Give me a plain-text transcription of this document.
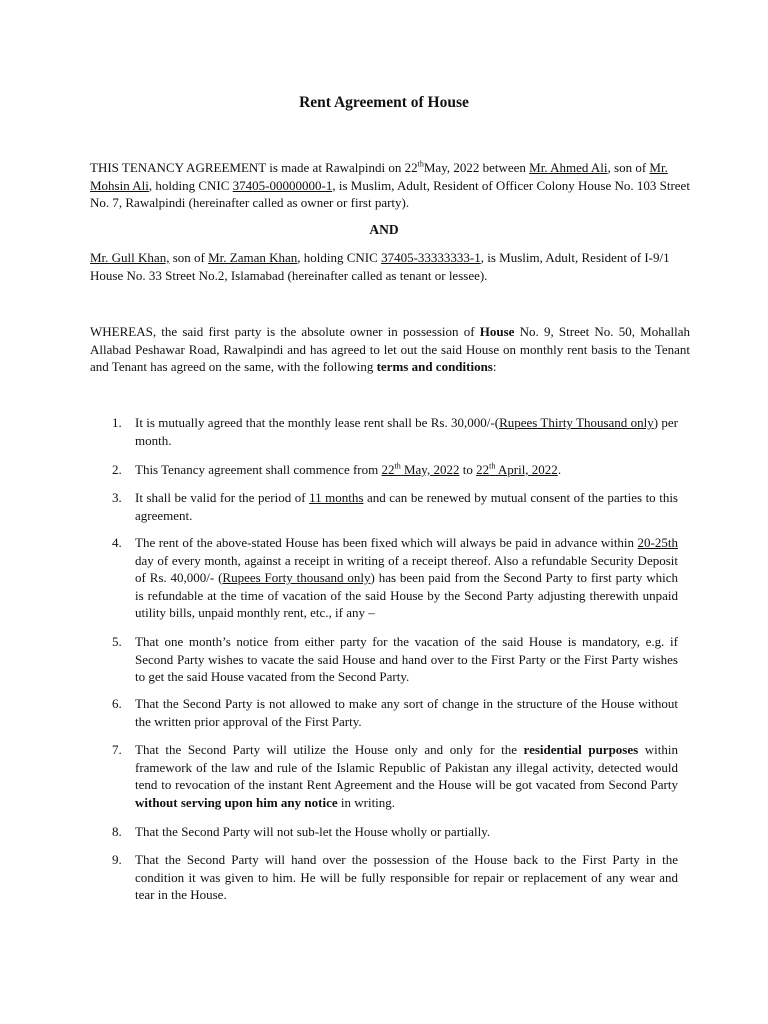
Rent Agreement of House
THIS TENANCY AGREEMENT is made at Rawalpindi on 22thMay, 2022 between Mr. Ahmed Ali, son of Mr. Mohsin Ali, holding CNIC 37405-00000000-1, is Muslim, Adult, Resident of Officer Colony House No. 103 Street No. 7, Rawalpindi (hereinafter called as owner or first party).
AND
Mr. Gull Khan, son of Mr. Zaman Khan, holding CNIC 37405-33333333-1, is Muslim, Adult, Resident of I-9/1 House No. 33 Street No.2, Islamabad (hereinafter called as tenant or lessee).
WHEREAS, the said first party is the absolute owner in possession of House No. 9, Street No. 50, Mohallah Allabad Peshawar Road, Rawalpindi and has agreed to let out the said House on monthly rent basis to the Tenant and Tenant has agreed on the same, with the following terms and conditions:
1.	It is mutually agreed that the monthly lease rent shall be Rs. 30,000/-(Rupees Thirty Thousand only) per month.
2.	This Tenancy agreement shall commence from 22th May, 2022 to 22th April, 2022.
3.	It shall be valid for the period of 11 months and can be renewed by mutual consent of the parties to this agreement.
4.	The rent of the above-stated House has been fixed which will always be paid in advance within 20-25th day of every month, against a receipt in writing of a receipt thereof. Also a refundable Security Deposit of Rs. 40,000/- (Rupees Forty thousand only) has been paid from the Second Party to first party which is refundable at the time of vacation of the said House by the Second Party adjusting therewith unpaid utility bills, unpaid monthly rent, etc., if any –
5.	That one month’s notice from either party for the vacation of the said House is mandatory, e.g. if Second Party wishes to vacate the said House and hand over to the First Party or the First Party wishes to get the said House vacated from the Second Party.
6.	That the Second Party is not allowed to make any sort of change in the structure of the House without the written prior approval of the First Party.
7.	That the Second Party will utilize the House only and only for the residential purposes within framework of the law and rule of the Islamic Republic of Pakistan any illegal activity, detected would tend to revocation of the instant Rent Agreement and the House will be got vacated from Second Party without serving upon him any notice in writing.
8.	That the Second Party will not sub-let the House wholly or partially.
9.	That the Second Party will hand over the possession of the House back to the First Party in the condition it was given to him. He will be fully responsible for repair or replacement of any wear and tear in the House.
